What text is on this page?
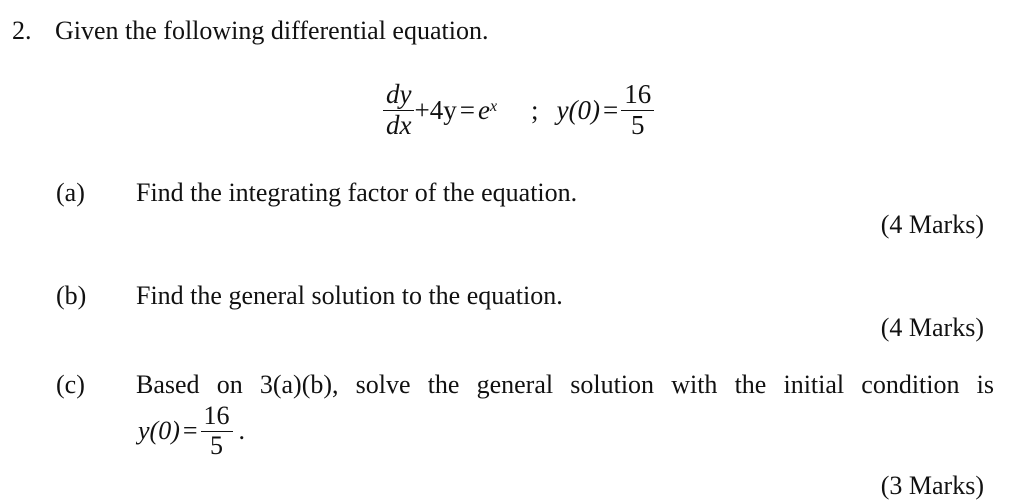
2. Given the following differential equation.
$\frac{dy}{dx} +4y = e^x$ ; $y(0) = \frac{16}{5}$
(a) Find the integrating factor of the equation.
(4 Marks)
(b) Find the general solution to the equation.
(4 Marks)
(c) Based on 3(a)(b), solve the general solution with the initial condition is
$y(0) = \frac{16}{5}$ .
(3 Marks)
